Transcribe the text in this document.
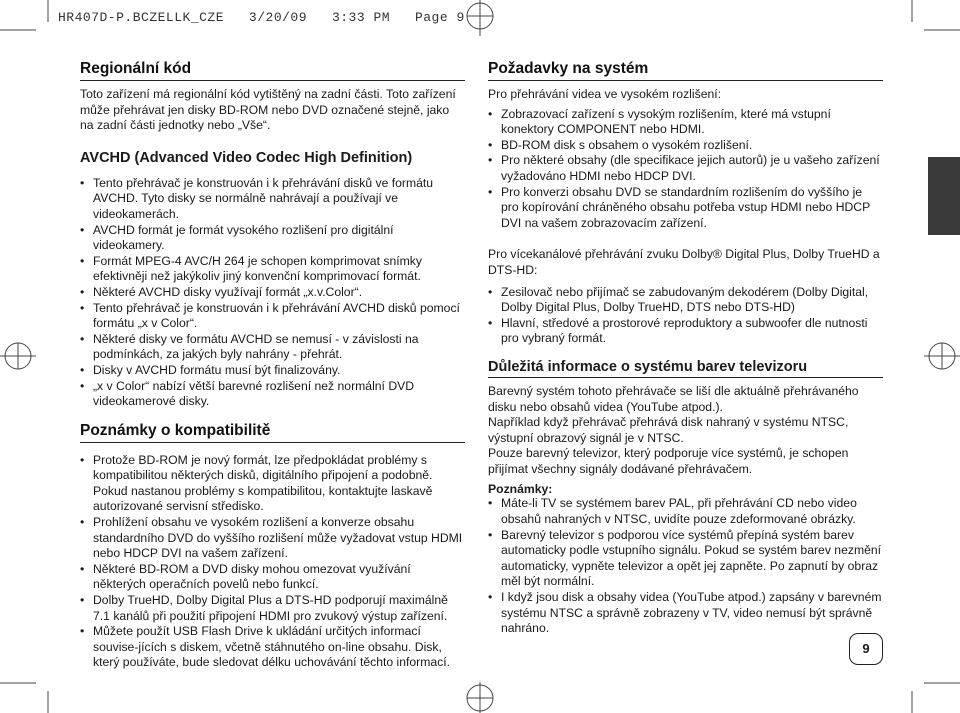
HR407D-P.BCZELLK_CZE   3/20/09   3:33 PM   Page 9
Regionální kód

Toto zařízení má regionální kód vytištěný na zadní části. Toto zařízení může přehrávat jen disky BD-ROM nebo DVD označené stejně, jako na zadní části jednotky nebo „Vše“.

AVCHD (Advanced Video Codec High Definition)
• Tento přehrávač je konstruován i k přehrávání disků ve formátu AVCHD. Tyto disky se normálně nahrávají a používají ve videokamerách.
• AVCHD formát je formát vysokého rozlišení pro digitální videokamery.
• Formát MPEG-4 AVC/H 264 je schopen komprimovat snímky efektivněji než jakýkoliv jiný konvenční komprimovací formát.
• Některé AVCHD disky využívají formát „x.v.Color“.
• Tento přehrávač je konstruován i k přehrávání AVCHD disků pomocí formátu „x v Color“.
• Některé disky ve formátu AVCHD se nemusí - v závislosti na podmínkách, za jakých byly nahrány - přehrát.
• Disky v AVCHD formátu musí být finalizovány.
• „x v Color“ nabízí větší barevné rozlišení než normální DVD videokamerové disky.
Poznámky o kompatibilitě
• Protože BD-ROM je nový formát, lze předpokládat problémy s kompatibilitou některých disků, digitálního připojení a podobně. Pokud nastanou problémy s kompatibilitou, kontaktujte laskavě autorizované servisní středisko.
• Prohlížení obsahu ve vysokém rozlišení a konverze obsahu standardního DVD do vyššího rozlišení může vyžadovat vstup HDMI nebo HDCP DVI na vašem zařízení.
• Některé BD-ROM a DVD disky mohou omezovat využívání některých operačních povelů nebo funkcí.
• Dolby TrueHD, Dolby Digital Plus a DTS-HD podporují maximálně 7.1 kanálů při použití připojení HDMI pro zvukový výstup zařízení.
• Můžete použít USB Flash Drive k ukládání určitých informací souvise-jících s diskem, včetně stáhnutého on-line obsahu. Disk, který používáte, bude sledovat délku uchovávání těchto informací.
Požadavky na systém

Pro přehrávání videa ve vysokém rozlišení:

• Zobrazovací zařízení s vysokým rozlišením, které má vstupní konektory COMPONENT nebo HDMI.
• BD-ROM disk s obsahem o vysokém rozlišení.
• Pro některé obsahy (dle specifikace jejich autorů) je u vašeho zařízení vyžadováno HDMI nebo HDCP DVI.
• Pro konverzi obsahu DVD se standardním rozlišením do vyššího je pro kopírování chráněného obsahu potřeba vstup HDMI nebo HDCP DVI na vašem zobrazovacím zařízení.

Pro vícekanálové přehrávání zvuku Dolby® Digital Plus, Dolby TrueHD a DTS-HD:

• Zesilovač nebo přijímač se zabudovaným dekodérem (Dolby Digital, Dolby Digital Plus, Dolby TrueHD, DTS nebo DTS-HD)
• Hlavní, středové a prostorové reproduktory a subwoofer dle nutnosti pro vybraný formát.
Důležitá informace o systému barev televizoru

Barevný systém tohoto přehrávače se liší dle aktuálně přehrávaného disku nebo obsahů videa (YouTube atpod.).

Například když přehrávač přehrává disk nahraný v systému NTSC, výstupní obrazový signál je v NTSC.

Pouze barevný televizor, který podporuje více systémů, je schopen přijímat všechny signály dodávané přehrávačem.

Poznámky:
• Máte-li TV se systémem barev PAL, při přehrávání CD nebo video obsahů nahraných v NTSC, uvidíte pouze zdeformované obrázky.
• Barevný televizor s podporou více systémů přepíná systém barev automaticky podle vstupního signálu. Pokud se systém barev nezmění automaticky, vypněte televizor a opět jej zapněte. Po zapnutí by obraz měl být normální.
• I když jsou disk a obsahy videa (YouTube atpod.) zapsány v barevném systému NTSC a správně zobrazeny v TV, video nemusí být správně nahráno.
9
